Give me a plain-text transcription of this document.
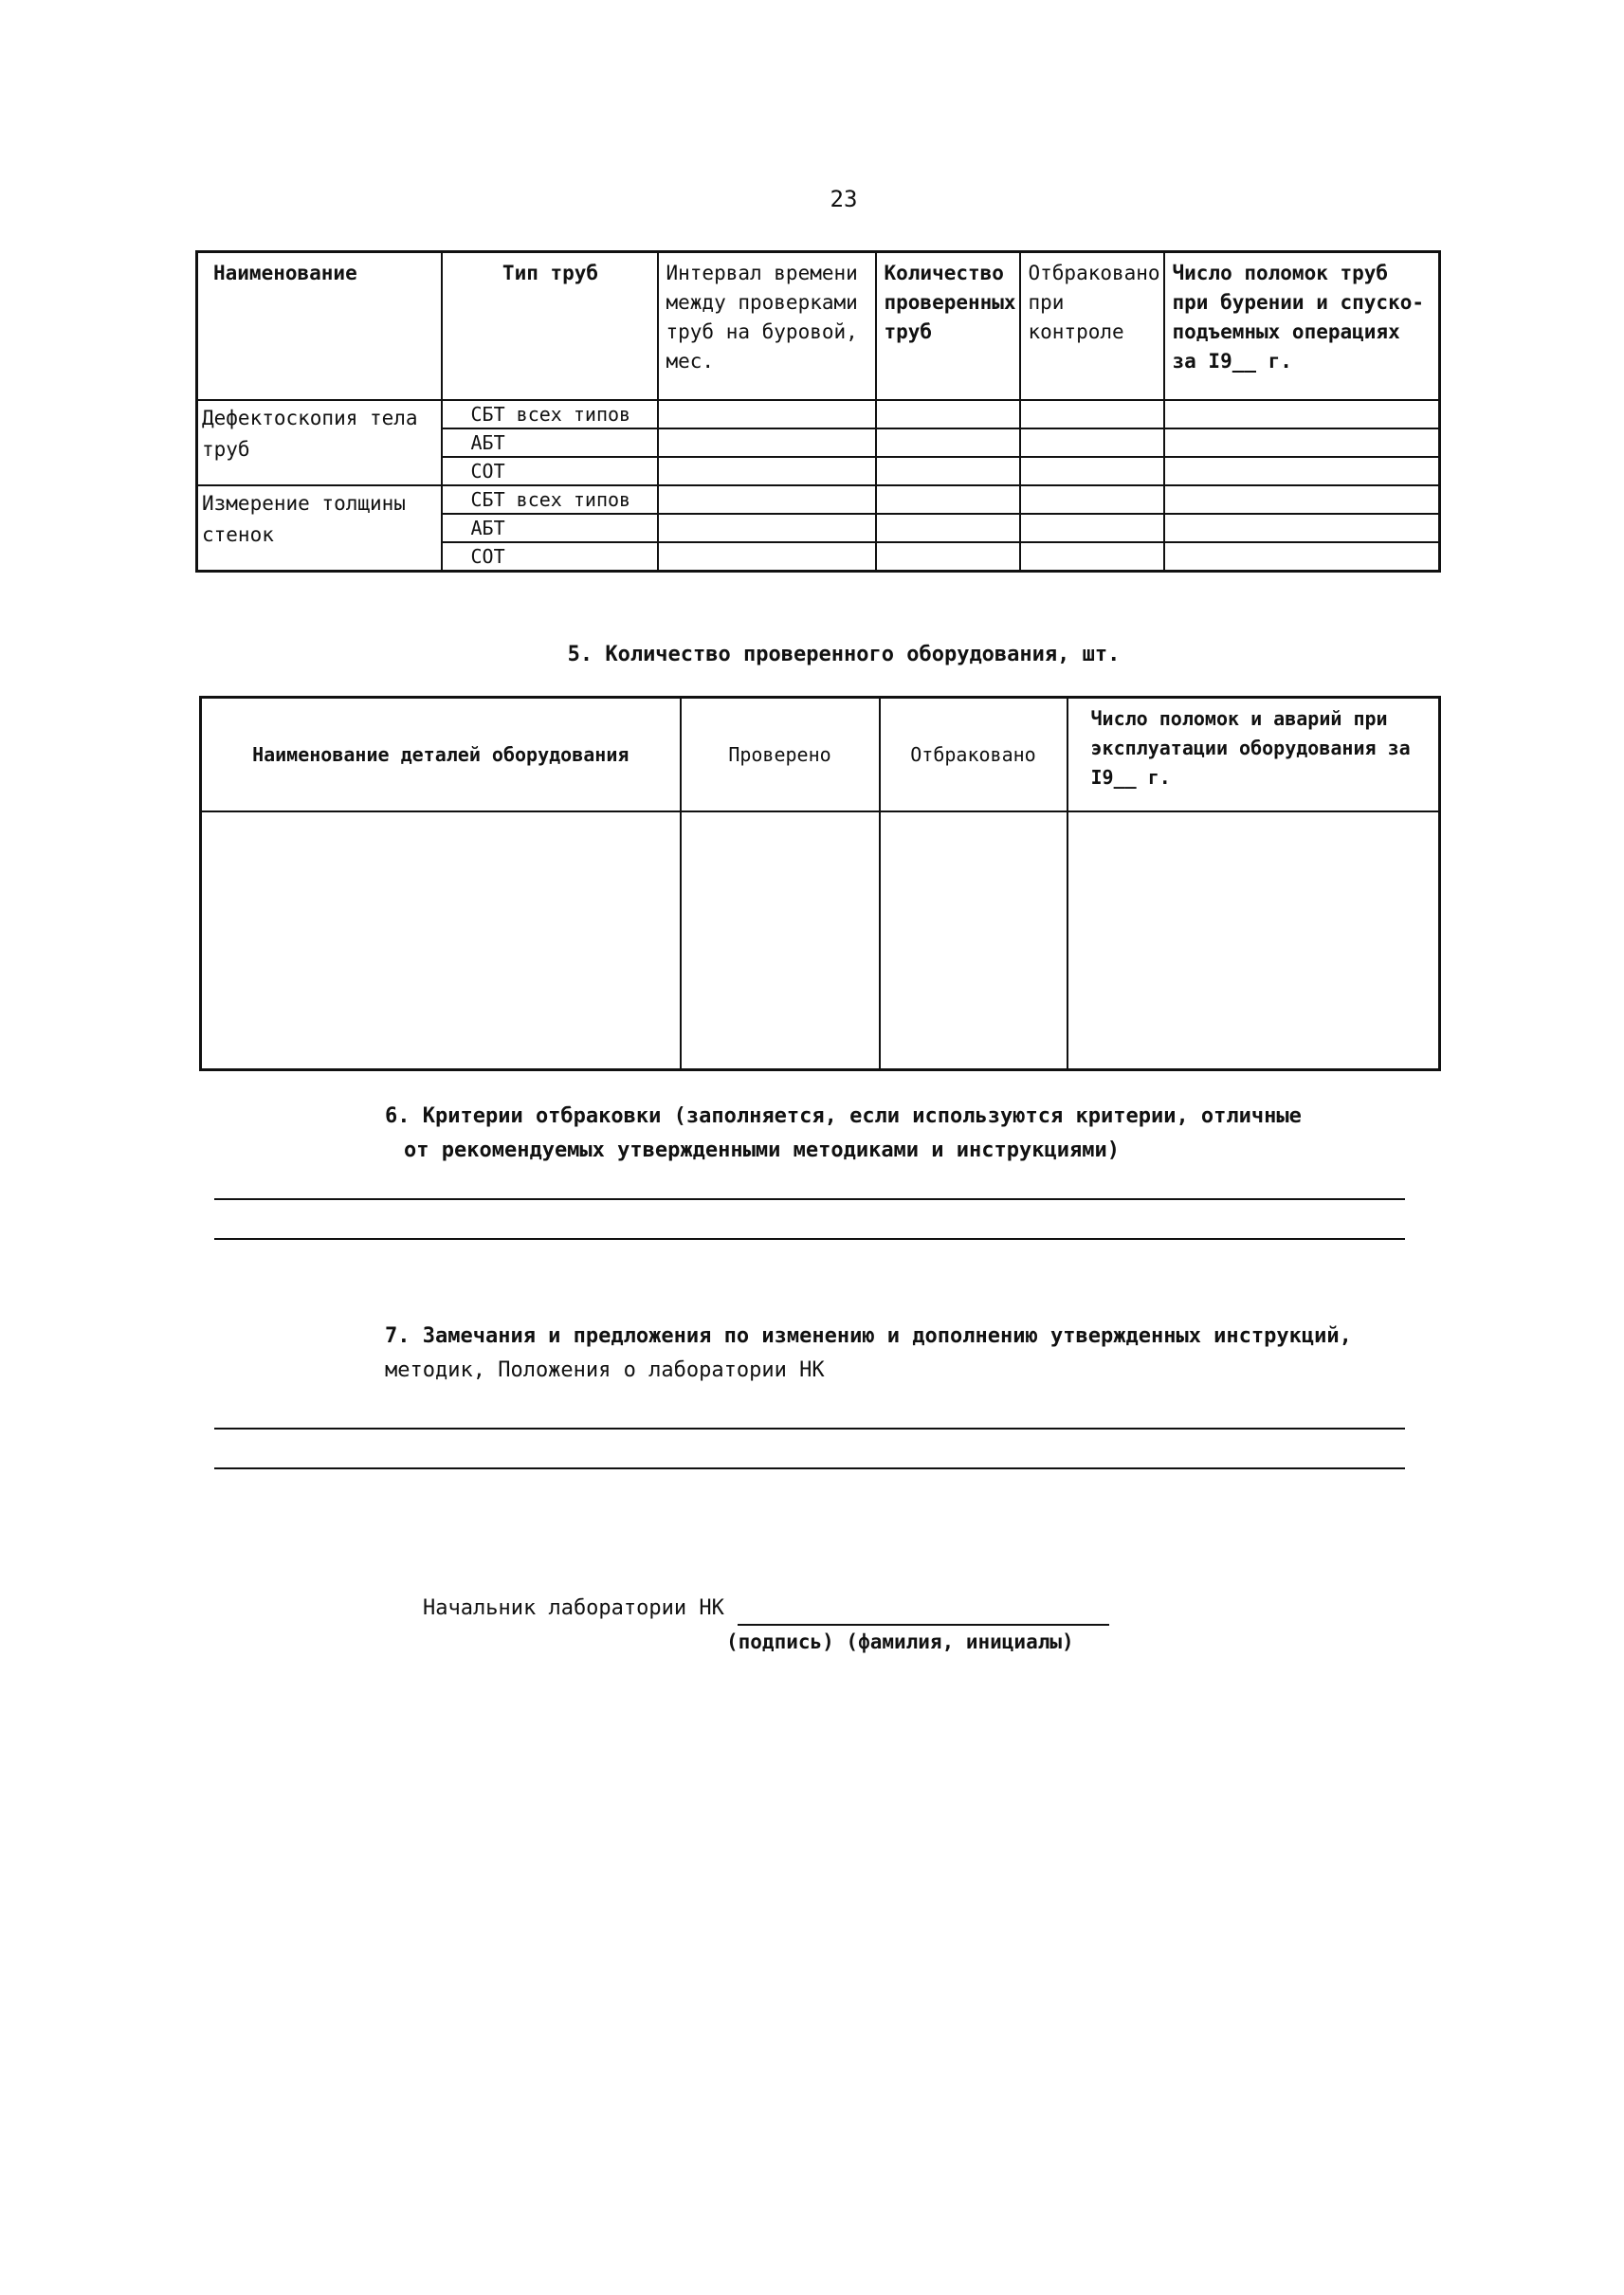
23
Наименование	Тип труб	Интервал времени между проверками труб на буровой, мес.	Количество проверенных труб	Отбраковано при контроле	Число поломок труб при бурении и спуско-подъемных операциях за I9__ г.
Дефектоскопия тела труб	СБТ всех типов				
	АБТ				
	СОТ				
Измерение толщины стенок	СБТ всех типов				
	АБТ				
	СОТ				
5. Количество проверенного оборудования, шт.
Наименование деталей оборудования	Проверено	Отбраковано	Число поломок и аварий при эксплуатации оборудования за I9__ г.

6. Критерии отбраковки (заполняется, если используются критерии, отличные
от рекомендуемых утвержденными методиками и инструкциями)
7. Замечания и предложения по изменению и дополнению утвержденных инструкций,
методик, Положения о лаборатории НК
Начальник лаборатории НК
(подпись) (фамилия, инициалы)
